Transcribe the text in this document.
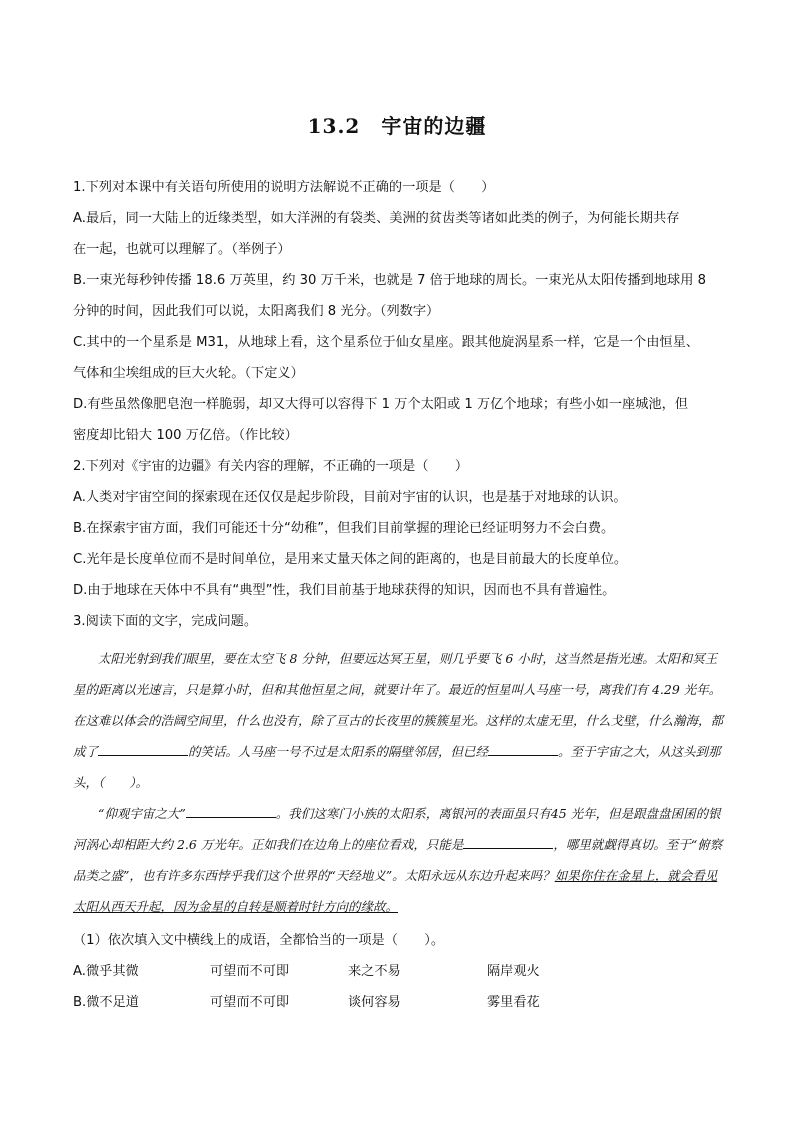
13.2　宇宙的边疆
1.下列对本课中有关语句所使用的说明方法解说不正确的一项是（　　）
A.最后，同一大陆上的近缘类型，如大洋洲的有袋类、美洲的贫齿类等诸如此类的例子，为何能长期共存
在一起，也就可以理解了。（举例子）
B.一束光每秒钟传播 18.6 万英里，约 30 万千米，也就是 7 倍于地球的周长。一束光从太阳传播到地球用 8
分钟的时间，因此我们可以说，太阳离我们 8 光分。（列数字）
C.其中的一个星系是 M31，从地球上看，这个星系位于仙女星座。跟其他旋涡星系一样，它是一个由恒星、
气体和尘埃组成的巨大火轮。（下定义）
D.有些虽然像肥皂泡一样脆弱，却又大得可以容得下 1 万个太阳或 1 万亿个地球；有些小如一座城池，但
密度却比铅大 100 万亿倍。（作比较）
2.下列对《宇宙的边疆》有关内容的理解，不正确的一项是（　　）
A.人类对宇宙空间的探索现在还仅仅是起步阶段，目前对宇宙的认识，也是基于对地球的认识。
B.在探索宇宙方面，我们可能还十分“幼稚”，但我们目前掌握的理论已经证明努力不会白费。
C.光年是长度单位而不是时间单位，是用来丈量天体之间的距离的，也是目前最大的长度单位。
D.由于地球在天体中不具有“典型”性，我们目前基于地球获得的知识，因而也不具有普遍性。
3.阅读下面的文字，完成问题。

太阳光射到我们眼里，要在太空飞 8 分钟，但要远达冥王星，则几乎要飞 6 小时，这当然是指光速。太阳和冥王星的距离以光速言，只是算小时，但和其他恒星之间，就要计年了。最近的恒星叫人马座一号，离我们有 4.29 光年。在这难以体会的浩阔空间里，什么也没有，除了亘古的长夜里的簇簇星光。这样的太虚无里，什么戈壁，什么瀚海，都成了	的笑话。人马座一号不过是太阳系的隔壁邻居，但已经	。至于宇宙之大，从这头到那头，（　　）。

“仰观宇宙之大”	。我们这寒门小族的太阳系，离银河的表面虽只有45 光年，但是跟盘盘囷囷的银河涡心却相距大约 2.6 万光年。正如我们在边角上的座位看戏，只能是	，哪里就觑得真切。至于“俯察品类之盛”，也有许多东西悖乎我们这个世界的“天经地义”。太阳永远从东边升起来吗？如果你住在金星上，就会看见太阳从西天升起，因为金星的自转是顺着时针方向的缘故。

（1）依次填入文中横线上的成语，全都恰当的一项是（　　）。
A.微乎其微	可望而不可即	来之不易	隔岸观火
B.微不足道	可望而不可即	谈何容易	雾里看花
